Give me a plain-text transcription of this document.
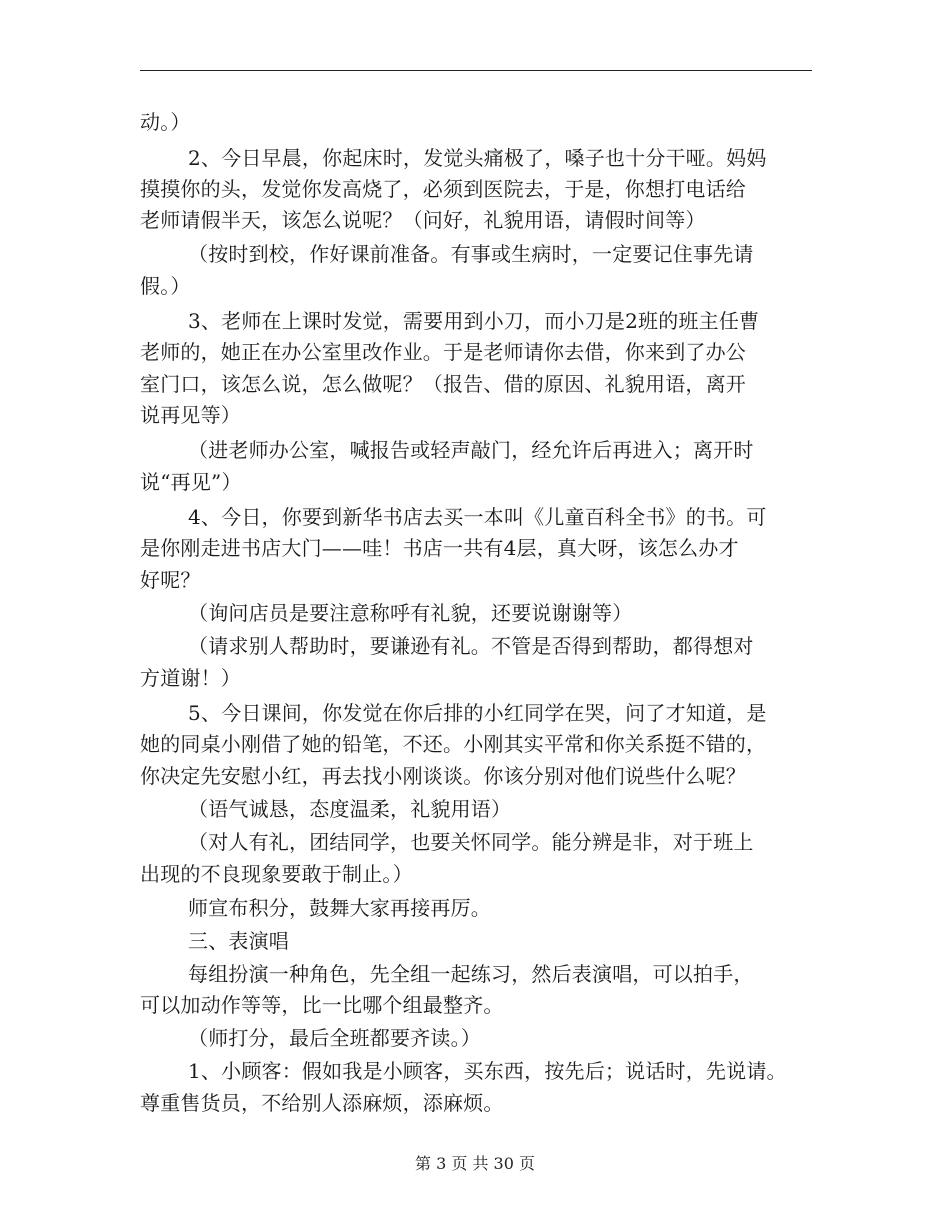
动。）
2、今日早晨，你起床时，发觉头痛极了，嗓子也十分干哑。妈妈
摸摸你的头，发觉你发高烧了，必须到医院去，于是，你想打电话给
老师请假半天，该怎么说呢？（问好，礼貌用语，请假时间等）
（按时到校，作好课前准备。有事或生病时，一定要记住事先请
假。）
3、老师在上课时发觉，需要用到小刀，而小刀是2班的班主任曹
老师的，她正在办公室里改作业。于是老师请你去借，你来到了办公
室门口，该怎么说，怎么做呢？（报告、借的原因、礼貌用语，离开
说再见等）
（进老师办公室，喊报告或轻声敲门，经允许后再进入；离开时
说“再见”）
4、今日，你要到新华书店去买一本叫《儿童百科全书》的书。可
是你刚走进书店大门——哇！书店一共有4层，真大呀，该怎么办才
好呢？
（询问店员是要注意称呼有礼貌，还要说谢谢等）
（请求别人帮助时，要谦逊有礼。不管是否得到帮助，都得想对
方道谢！）
5、今日课间，你发觉在你后排的小红同学在哭，问了才知道，是
她的同桌小刚借了她的铅笔，不还。小刚其实平常和你关系挺不错的，
你决定先安慰小红，再去找小刚谈谈。你该分别对他们说些什么呢？
（语气诚恳，态度温柔，礼貌用语）
（对人有礼，团结同学，也要关怀同学。能分辨是非，对于班上
出现的不良现象要敢于制止。）
师宣布积分，鼓舞大家再接再厉。
三、表演唱
每组扮演一种角色，先全组一起练习，然后表演唱，可以拍手，
可以加动作等等，比一比哪个组最整齐。
（师打分，最后全班都要齐读。）
1、小顾客：假如我是小顾客，买东西，按先后；说话时，先说请。
尊重售货员，不给别人添麻烦，添麻烦。
第 3 页 共 30 页
